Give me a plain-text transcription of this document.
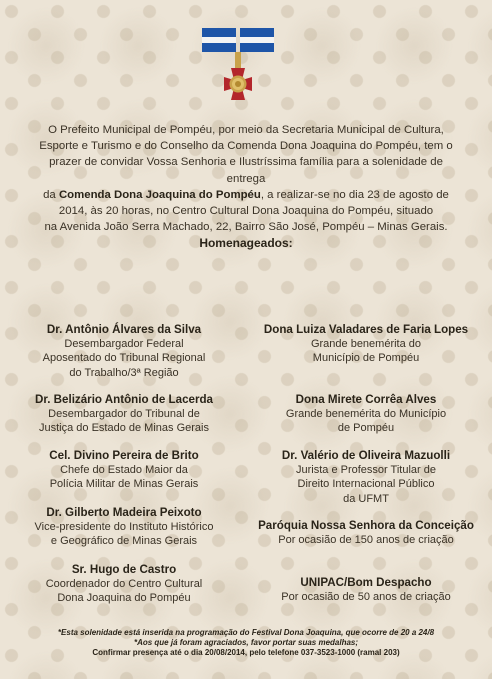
O Prefeito Municipal de Pompéu, por meio da Secretaria Municipal de Cultura,
Esporte e Turismo e do Conselho da Comenda Dona Joaquina do Pompéu, tem o
prazer de convidar Vossa Senhoria e Ilustríssima família para a solenidade de entrega
da Comenda Dona Joaquina do Pompéu, a realizar-se no dia 23 de agosto de
2014, às 20 horas, no Centro Cultural Dona Joaquina do Pompéu, situado
na Avenida João Serra Machado, 22, Bairro São José, Pompéu – Minas Gerais.
Homenageados:
Dr. Antônio Álvares da Silva
Desembargador Federal
Aposentado do Tribunal Regional
do Trabalho/3ª Região
Dr. Belizário Antônio de Lacerda
Desembargador do Tribunal de
Justiça do Estado de Minas Gerais
Cel. Divino Pereira de Brito
Chefe do Estado Maior da
Polícia Militar de Minas Gerais
Dr. Gilberto Madeira Peixoto
Vice-presidente do Instituto Histórico
e Geográfico de Minas Gerais
Sr. Hugo de Castro
Coordenador do Centro Cultural
Dona Joaquina do Pompéu
Dona Luiza Valadares de Faria Lopes
Grande benemérita do
Município de Pompéu
Dona Mirete Corrêa Alves
Grande benemérita do Município
de Pompéu
Dr. Valério de Oliveira Mazuolli
Jurista e Professor Titular de
Direito Internacional Público
da UFMT
Paróquia Nossa Senhora da Conceição
Por ocasião de 150 anos de criação
UNIPAC/Bom Despacho
Por ocasião de 50 anos de criação
*Esta solenidade está inserida na programação do Festival Dona Joaquina, que ocorre de 20 a 24/8
*Aos que já foram agraciados, favor portar suas medalhas;
Confirmar presença até o dia 20/08/2014, pelo telefone 037-3523-1000 (ramal 203)
